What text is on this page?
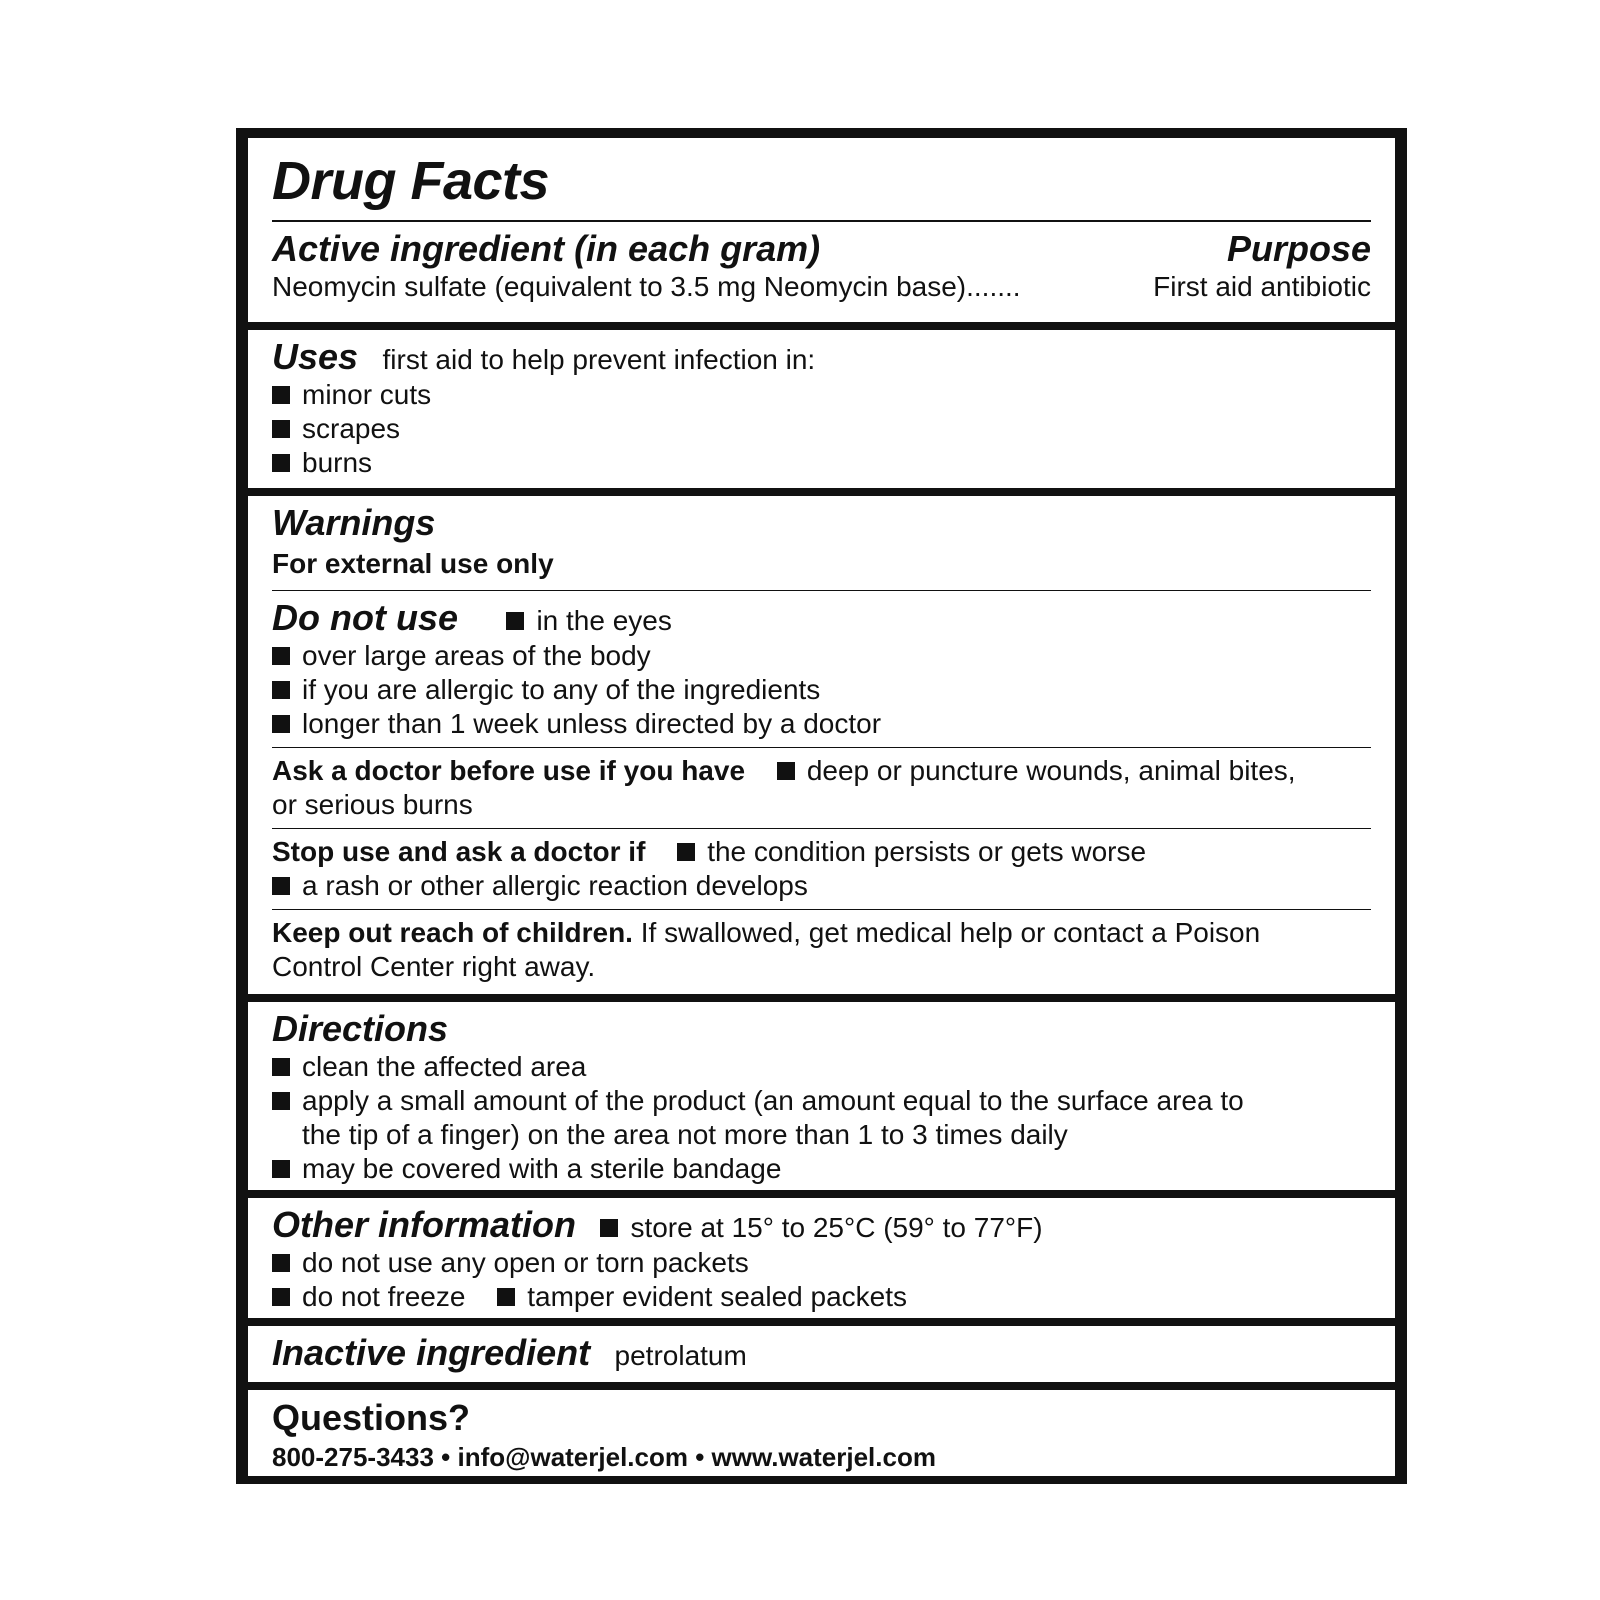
Drug Facts
Active ingredient (in each gram)	Purpose
Neomycin sulfate (equivalent to 3.5 mg Neomycin base).......	First aid antibiotic
Uses first aid to help prevent infection in:
minor cuts
scrapes
burns
Warnings
For external use only
Do not use	in the eyes
over large areas of the body
if you are allergic to any of the ingredients
longer than 1 week unless directed by a doctor
Ask a doctor before use if you have deep or puncture wounds, animal bites,
or serious burns
Stop use and ask a doctor if the condition persists or gets worse
a rash or other allergic reaction develops
Keep out reach of children. If swallowed, get medical help or contact a Poison
Control Center right away.
Directions
clean the affected area
apply a small amount of the product (an amount equal to the surface area to
the tip of a finger) on the area not more than 1 to 3 times daily
may be covered with a sterile bandage
Other information store at 15° to 25°C (59° to 77°F)
do not use any open or torn packets
do not freeze tamper evident sealed packets
Inactive ingredient petrolatum
Questions?
800-275-3433 • info@waterjel.com • www.waterjel.com
